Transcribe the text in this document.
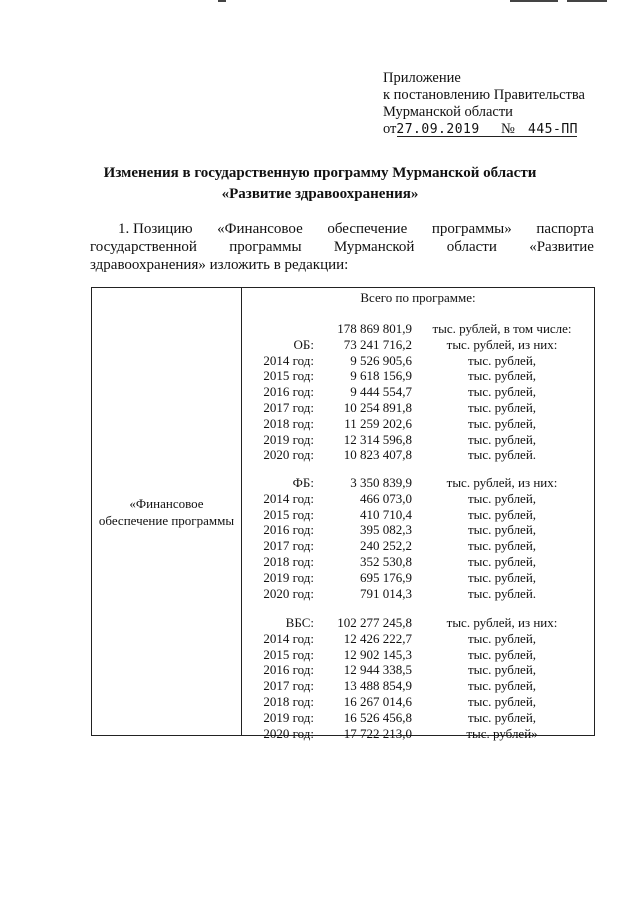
Приложение
к постановлению Правительства
Мурманской области
от27.09.2019 № 445-ПП
Изменения в государственную программу Мурманской области
«Развитие здравоохранения»
1. Позицию «Финансовое обеспечение программы» паспорта
государственной программы Мурманской области «Развитие
здравоохранения» изложить в редакции:
«Финансовое
обеспечение программы

Всего по программе:
178 869 801,9	тыс. рублей, в том числе:
ОБ: 73 241 716,2	тыс. рублей, из них:
2014 год:	9 526 905,6	тыс. рублей,
2015 год:	9 618 156,9	тыс. рублей,
2016 год:	9 444 554,7	тыс. рублей,
2017 год: 10 254 891,8	тыс. рублей,
2018 год: 11 259 202,6	тыс. рублей,
2019 год: 12 314 596,8	тыс. рублей,
2020 год: 10 823 407,8	тыс. рублей.
ФБ:	3 350 839,9	тыс. рублей, из них:
2014 год:	466 073,0	тыс. рублей,
2015 год:	410 710,4	тыс. рублей,
2016 год:	395 082,3	тыс. рублей,
2017 год:	240 252,2	тыс. рублей,
2018 год:	352 530,8	тыс. рублей,
2019 год:	695 176,9	тыс. рублей,
2020 год:	791 014,3	тыс. рублей.
ВБС: 102 277 245,8	тыс. рублей, из них:
2014 год: 12 426 222,7	тыс. рублей,
2015 год: 12 902 145,3	тыс. рублей,
2016 год: 12 944 338,5	тыс. рублей,
2017 год: 13 488 854,9	тыс. рублей,
2018 год: 16 267 014,6	тыс. рублей,
2019 год: 16 526 456,8	тыс. рублей,
2020 год: 17 722 213,0	тыс. рублей»
